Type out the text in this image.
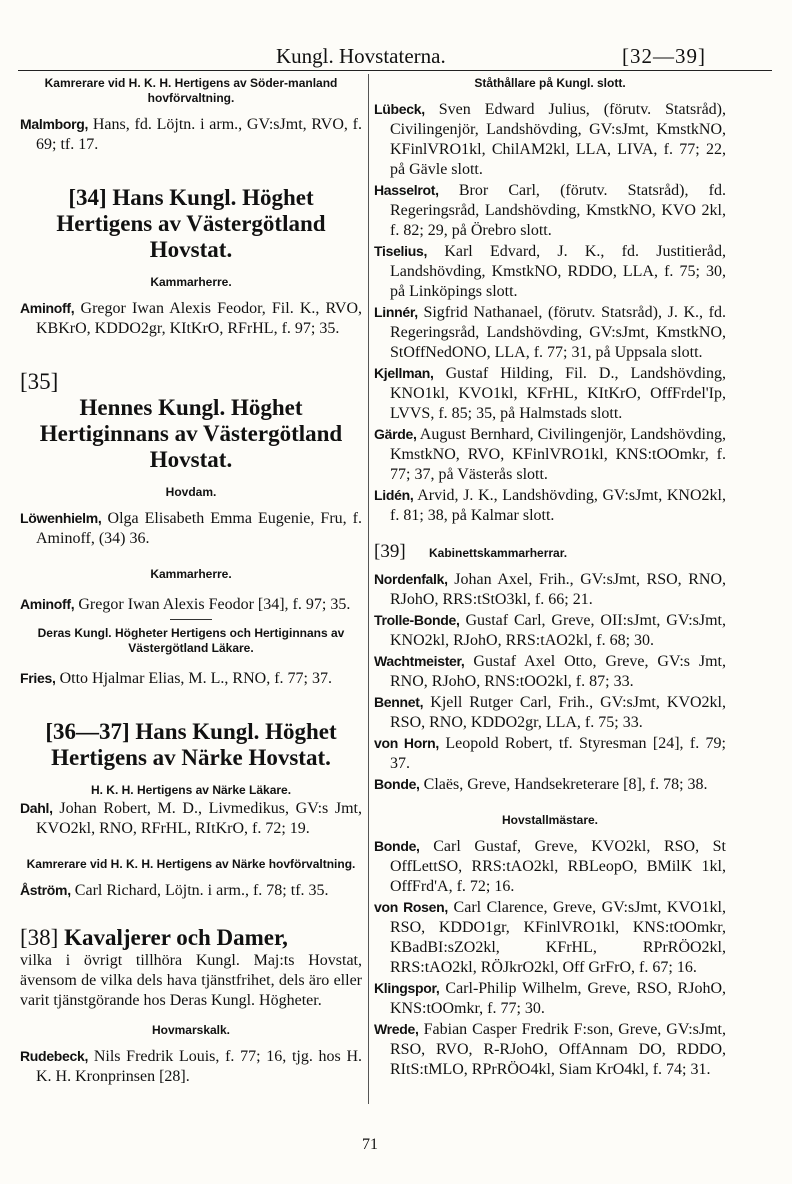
Kungl. Hovstaterna.	[32—39]

Kamrerare vid H. K. H. Hertigens av Söder-manland hovförvaltning.

Malmborg, Hans, fd. Löjtn. i arm., GV:sJmt, RVO, f. 69; tf. 17.

[34] Hans Kungl. Höghet Hertigens av Västergötland Hovstat.

Kammarherre.

Aminoff, Gregor Iwan Alexis Feodor, Fil. K., RVO, KBKrO, KDDO2gr, KItKrO, RFrHL, f. 97; 35.

[35]

Hennes Kungl. Höghet Hertiginnans av Västergötland Hovstat.

Hovdam.

Löwenhielm, Olga Elisabeth Emma Eugenie, Fru, f. Aminoff, (34) 36.

Kammarherre.

Aminoff, Gregor Iwan Alexis Feodor [34], f. 97; 35.

Deras Kungl. Högheter Hertigens och Hertiginnans av Västergötland Läkare.

Fries, Otto Hjalmar Elias, M. L., RNO, f. 77; 37.

[36—37] Hans Kungl. Höghet Hertigens av Närke Hovstat.

H. K. H. Hertigens av Närke Läkare.

Dahl, Johan Robert, M. D., Livmedikus, GV:s Jmt, KVO2kl, RNO, RFrHL, RItKrO, f. 72; 19.

Kamrerare vid H. K. H. Hertigens av Närke hovförvaltning.

Åström, Carl Richard, Löjtn. i arm., f. 78; tf. 35.

[38] Kavaljerer och Damer,

vilka i övrigt tillhöra Kungl. Maj:ts Hovstat, ävensom de vilka dels hava tjänstfrihet, dels äro eller varit tjänstgörande hos Deras Kungl. Högheter.

Hovmarskalk.

Rudebeck, Nils Fredrik Louis, f. 77; 16, tjg. hos H. K. H. Kronprinsen [28].

Ståthållare på Kungl. slott.

Lübeck, Sven Edward Julius, (förutv. Statsråd), Civilingenjör, Landshövding, GV:sJmt, KmstkNO, KFinlVRO1kl, ChilAM2kl, LLA, LIVA, f. 77; 22, på Gävle slott.

Hasselrot, Bror Carl, (förutv. Statsråd), fd. Regeringsråd, Landshövding, KmstkNO, KVO 2kl, f. 82; 29, på Örebro slott.

Tiselius, Karl Edvard, J. K., fd. Justitieråd, Landshövding, KmstkNO, RDDO, LLA, f. 75; 30, på Linköpings slott.

Linnér, Sigfrid Nathanael, (förutv. Statsråd), J. K., fd. Regeringsråd, Landshövding, GV:sJmt, KmstkNO, StOffNedONO, LLA, f. 77; 31, på Uppsala slott.

Kjellman, Gustaf Hilding, Fil. D., Landshövding, KNO1kl, KVO1kl, KFrHL, KItKrO, OffFrdel'Ip, LVVS, f. 85; 35, på Halmstads slott.

Gärde, August Bernhard, Civilingenjör, Landshövding, KmstkNO, RVO, KFinlVRO1kl, KNS:tOOmkr, f. 77; 37, på Västerås slott.

Lidén, Arvid, J. K., Landshövding, GV:sJmt, KNO2kl, f. 81; 38, på Kalmar slott.

[39] Kabinettskammarherrar.

Nordenfalk, Johan Axel, Frih., GV:sJmt, RSO, RNO, RJohO, RRS:tStO3kl, f. 66; 21.

Trolle-Bonde, Gustaf Carl, Greve, OII:sJmt, GV:sJmt, KNO2kl, RJohO, RRS:tAO2kl, f. 68; 30.

Wachtmeister, Gustaf Axel Otto, Greve, GV:s Jmt, RNO, RJohO, RNS:tOO2kl, f. 87; 33.

Bennet, Kjell Rutger Carl, Frih., GV:sJmt, KVO2kl, RSO, RNO, KDDO2gr, LLA, f. 75; 33.

von Horn, Leopold Robert, tf. Styresman [24], f. 79; 37.

Bonde, Claës, Greve, Handsekreterare [8], f. 78; 38.

Hovstallmästare.

Bonde, Carl Gustaf, Greve, KVO2kl, RSO, St OffLettSO, RRS:tAO2kl, RBLeopO, BMilK 1kl, OffFrd'A, f. 72; 16.

von Rosen, Carl Clarence, Greve, GV:sJmt, KVO1kl, RSO, KDDO1gr, KFinlVRO1kl, KNS:tOOmkr, KBadBI:sZO2kl, KFrHL, RPrRÖO2kl, RRS:tAO2kl, RÖJkrO2kl, Off GrFrO, f. 67; 16.

Klingspor, Carl-Philip Wilhelm, Greve, RSO, RJohO, KNS:tOOmkr, f. 77; 30.

Wrede, Fabian Casper Fredrik F:son, Greve, GV:sJmt, RSO, RVO, R-RJohO, OffAnnam DO, RDDO, RItS:tMLO, RPrRÖO4kl, Siam KrO4kl, f. 74; 31.

71
